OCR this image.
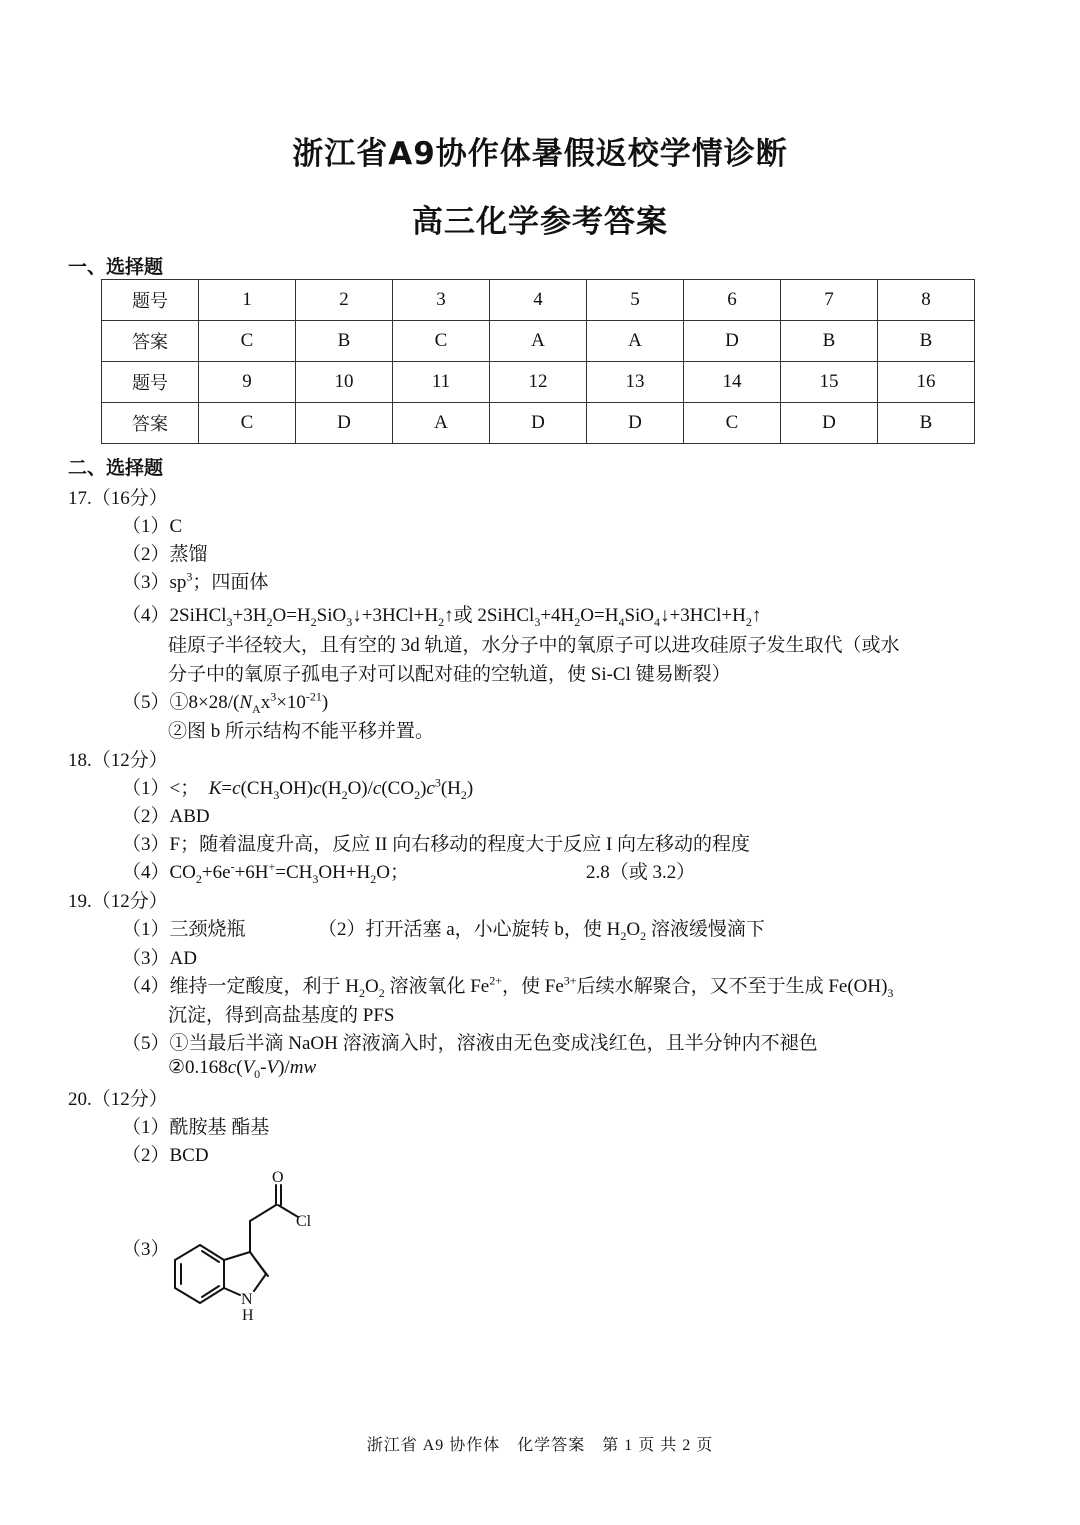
浙江省A9协作体暑假返校学情诊断
高三化学参考答案
一、选择题
题号	1	2	3	4	5	6	7	8
答案	C	B	C	A	A	D	B	B
题号	9	10	11	12	13	14	15	16
答案	C	D	A	D	D	C	D	B
二、选择题
17.（16分）
（1）C
（2）蒸馏
$(3)sp^3$；四面体
$(4)2SiHCl_3+3H_2O=H_2SiO_3↓+3HCl+H_2↑$或 $2SiHCl_3+4H_2O=H_4SiO_4↓+3HCl+H_2↑$
硅原子半径较大，且有空的 3d 轨道，水分子中的氧原子可以进攻硅原子发生取代（或水
分子中的氧原子孤电子对可以配对硅的空轨道，使 Si-Cl 键易断裂）
$(5)①8\times 28/(N_Ax^3\times 10^{-21})$
②图 b 所示结构不能平移并置。
18.（12分）
（1）<； $K=c(CH_3OH)c(H_2O)/c(CO_2)c^3(H_2)$
（2）ABD
（3）F；随着温度升高，反应 II 向右移动的程度大于反应 I 向左移动的程度
$(4)CO_2+6e^-+6H^+=CH_3OH+H_2O$；	2.8（或 3.2）
19.（12分）
（1）三颈烧瓶	（2）打开活塞 a，小心旋转 b，使 $H_2O_2$ 溶液缓慢滴下
（3）AD
（4）维持一定酸度，利于 $H_2O_2$ 溶液氧化 $Fe^{2+}$，使 $Fe^{3+}$后续水解聚合，又不至于生成 $Fe(OH)_3$
沉淀，得到高盐基度的 PFS
（5）①当最后半滴 NaOH 溶液滴入时，溶液由无色变成浅红色，且半分钟内不褪色
$②0.168c(V_0-V)/mw$
20.（12分）
（1）酰胺基 酯基
（2）BCD
（3）
O
Cl
N
H
浙江省 A9 协作体　化学答案　第 1 页 共 2 页
